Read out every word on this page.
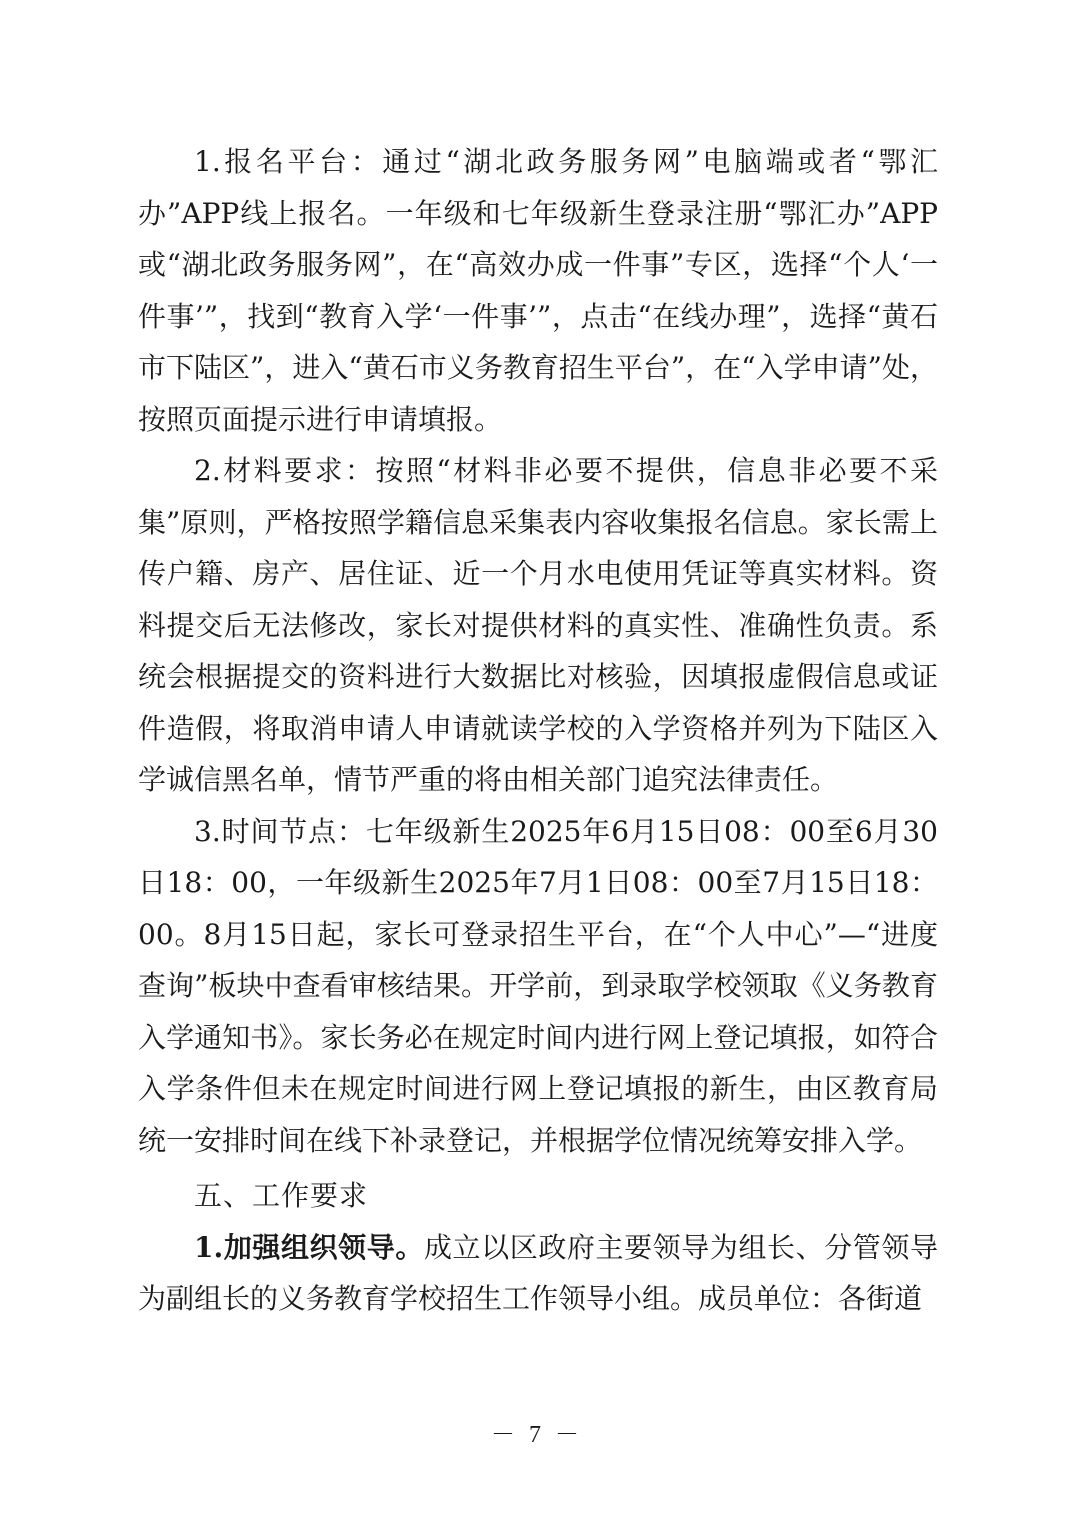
1.报名平台：通过“湖北政务服务网”电脑端或者“鄂汇办”APP线上报名。一年级和七年级新生登录注册“鄂汇办”APP或“湖北政务服务网”，在“高效办成一件事”专区，选择“个人‘一件事’”，找到“教育入学‘一件事’”，点击“在线办理”，选择“黄石市下陆区”，进入“黄石市义务教育招生平台”，在“入学申请”处，按照页面提示进行申请填报。

2.材料要求：按照“材料非必要不提供，信息非必要不采集”原则，严格按照学籍信息采集表内容收集报名信息。家长需上传户籍、房产、居住证、近一个月水电使用凭证等真实材料。资料提交后无法修改，家长对提供材料的真实性、准确性负责。系统会根据提交的资料进行大数据比对核验，因填报虚假信息或证件造假，将取消申请人申请就读学校的入学资格并列为下陆区入学诚信黑名单，情节严重的将由相关部门追究法律责任。

3.时间节点：七年级新生2025年6月15日08：00至6月30日18：00，一年级新生2025年7月1日08：00至7月15日18：00。8月15日起，家长可登录招生平台，在“个人中心”—“进度查询”板块中查看审核结果。开学前，到录取学校领取《义务教育入学通知书》。家长务必在规定时间内进行网上登记填报，如符合入学条件但未在规定时间进行网上登记填报的新生，由区教育局统一安排时间在线下补录登记，并根据学位情况统筹安排入学。

五、工作要求

1.加强组织领导。成立以区政府主要领导为组长、分管领导为副组长的义务教育学校招生工作领导小组。成员单位：各街道

－ 7 －
